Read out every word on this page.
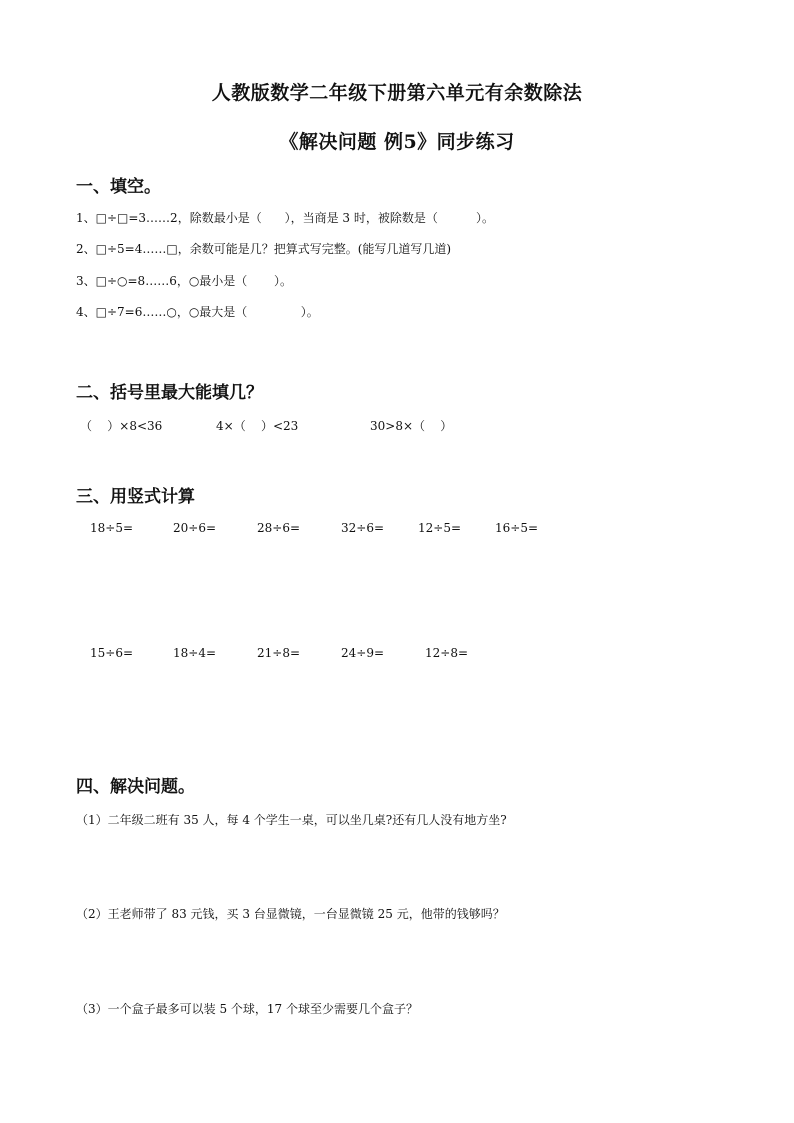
人教版数学二年级下册第六单元有余数除法
《解决问题 例5》同步练习
一、填空。
1、□÷□=3……2，除数最小是（      ），当商是 3 时，被除数是（          ）。
2、□÷5=4……□，余数可能是几？把算式写完整。(能写几道写几道)
3、□÷○=8……6，○最小是（       ）。
4、□÷7=6……○，○最大是（              ）。
二、括号里最大能填几？
（    ）×8<36	4×（    ）<23	30>8×（    ）
三、用竖式计算
18÷5=	20÷6=	28÷6=	32÷6=	12÷5=	16÷5=
15÷6=	18÷4=	21÷8=	24÷9=	12÷8=
四、解决问题。
（1）二年级二班有 35 人，每 4 个学生一桌，可以坐几桌?还有几人没有地方坐?
（2）王老师带了 83 元钱，买 3 台显微镜，一台显微镜 25 元，他带的钱够吗？
（3）一个盒子最多可以装 5 个球，17 个球至少需要几个盒子？
